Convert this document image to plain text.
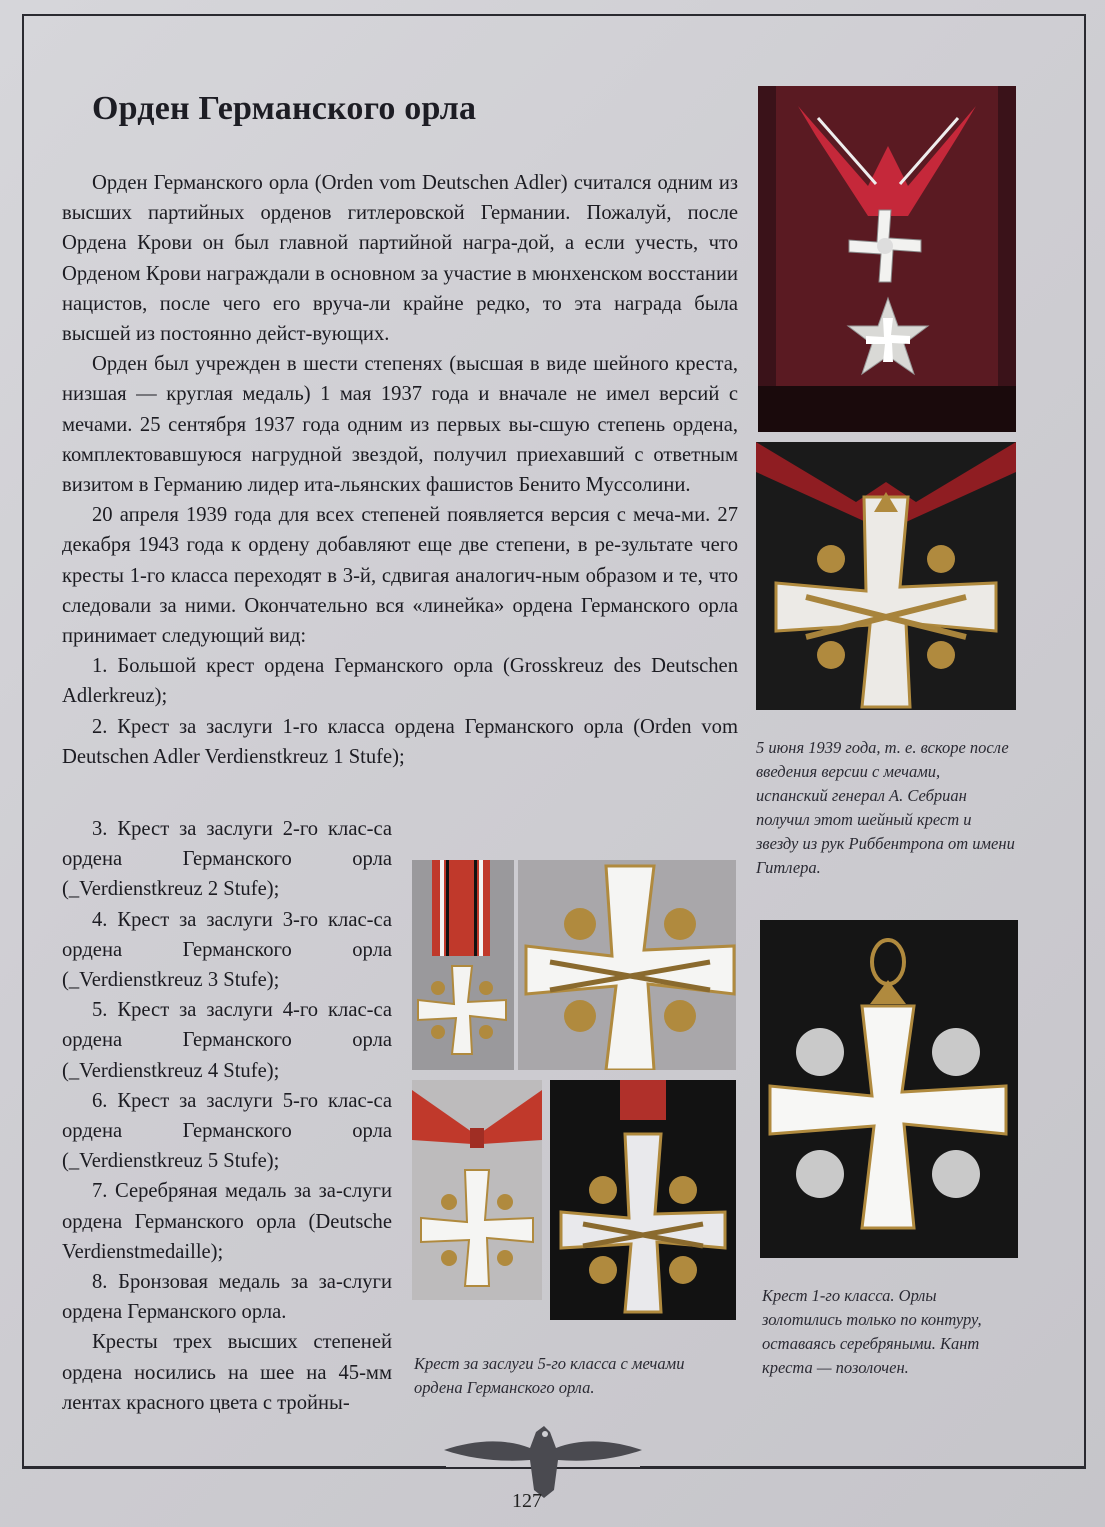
Орден Германского орла

Орден Германского орла (Orden vom Deutschen Adler) считался одним из высших партийных орденов гитлеровской Германии. Пожалуй, после Ордена Крови он был главной партийной награ-дой, а если учесть, что Орденом Крови награждали в основном за участие в мюнхенском восстании нацистов, после чего его вруча-ли крайне редко, то эта награда была высшей из постоянно дейст-вующих.

Орден был учрежден в шести степенях (высшая в виде шейного креста, низшая — круглая медаль) 1 мая 1937 года и вначале не имел версий с мечами. 25 сентября 1937 года одним из первых вы-сшую степень ордена, комплектовавшуюся нагрудной звездой, получил приехавший с ответным визитом в Германию лидер ита-льянских фашистов Бенито Муссолини.

20 апреля 1939 года для всех степеней появляется версия с меча-ми. 27 декабря 1943 года к ордену добавляют еще две степени, в ре-зультате чего кресты 1-го класса переходят в 3-й, сдвигая аналогич-ным образом и те, что следовали за ними. Окончательно вся «линейка» ордена Германского орла принимает следующий вид:

1. Большой крест ордена Германского орла (Grosskreuz des Deutschen Adlerkreuz);

2. Крест за заслуги 1-го класса ордена Германского орла (Orden vom Deutschen Adler Verdienstkreuz 1 Stufe);

3. Крест за заслуги 2-го клас-са ордена Германского орла (_Verdienstkreuz 2 Stufe);

4. Крест за заслуги 3-го клас-са ордена Германского орла (_Verdienstkreuz 3 Stufe);

5. Крест за заслуги 4-го клас-са ордена Германского орла (_Verdienstkreuz 4 Stufe);

6. Крест за заслуги 5-го клас-са ордена Германского орла (_Verdienstkreuz 5 Stufe);

7. Серебряная медаль за за-слуги ордена Германского орла (Deutsche Verdienstmedaille);

8. Бронзовая медаль за за-слуги ордена Германского орла.

Кресты трех высших степеней ордена носились на шее на 45-мм лентах красного цвета с тройны-

5 июня 1939 года, т. е. вскоре после введения версии с мечами, испанский генерал А. Себриан получил этот шейный крест и звезду из рук Риббентропа от имени Гитлера.
Крест за заслуги 5-го класса с мечами ордена Германского орла.
Крест 1-го класса. Орлы золотились только по контуру, оставаясь серебряными. Кант креста — позолочен.
127
